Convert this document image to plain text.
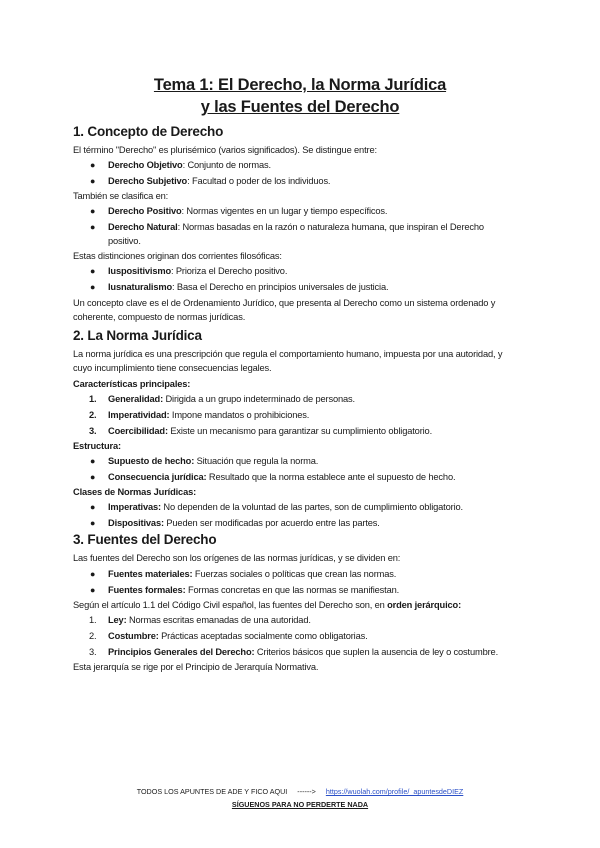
Tema 1: El Derecho, la Norma Jurídica
y las Fuentes del Derecho
1. Concepto de Derecho
El término "Derecho" es plurisémico (varios significados). Se distingue entre:
● Derecho Objetivo: Conjunto de normas.
● Derecho Subjetivo: Facultad o poder de los individuos.
También se clasifica en:
● Derecho Positivo: Normas vigentes en un lugar y tiempo específicos.
● Derecho Natural: Normas basadas en la razón o naturaleza humana, que inspiran el Derecho
positivo.
Estas distinciones originan dos corrientes filosóficas:
● Iuspositivismo: Prioriza el Derecho positivo.
● Iusnaturalismo: Basa el Derecho en principios universales de justicia.
Un concepto clave es el de Ordenamiento Jurídico, que presenta al Derecho como un sistema ordenado y
coherente, compuesto de normas jurídicas.
2. La Norma Jurídica
La norma jurídica es una prescripción que regula el comportamiento humano, impuesta por una autoridad, y
cuyo incumplimiento tiene consecuencias legales.
Características principales:
1. Generalidad: Dirigida a un grupo indeterminado de personas.
2. Imperatividad: Impone mandatos o prohibiciones.
3. Coercibilidad: Existe un mecanismo para garantizar su cumplimiento obligatorio.
Estructura:
● Supuesto de hecho: Situación que regula la norma.
● Consecuencia jurídica: Resultado que la norma establece ante el supuesto de hecho.
Clases de Normas Jurídicas:
● Imperativas: No dependen de la voluntad de las partes, son de cumplimiento obligatorio.
● Dispositivas: Pueden ser modificadas por acuerdo entre las partes.
3. Fuentes del Derecho
Las fuentes del Derecho son los orígenes de las normas jurídicas, y se dividen en:
● Fuentes materiales: Fuerzas sociales o políticas que crean las normas.
● Fuentes formales: Formas concretas en que las normas se manifiestan.
Según el artículo 1.1 del Código Civil español, las fuentes del Derecho son, en orden jerárquico:
1. Ley: Normas escritas emanadas de una autoridad.
2. Costumbre: Prácticas aceptadas socialmente como obligatorias.
3. Principios Generales del Derecho: Criterios básicos que suplen la ausencia de ley o costumbre.
Esta jerarquía se rige por el Principio de Jerarquía Normativa.
TODOS LOS APUNTES DE ADE Y FICO AQUI ------> https://wuolah.com/profile/_apuntesdeDIEZ
SÍGUENOS PARA NO PERDERTE NADA
